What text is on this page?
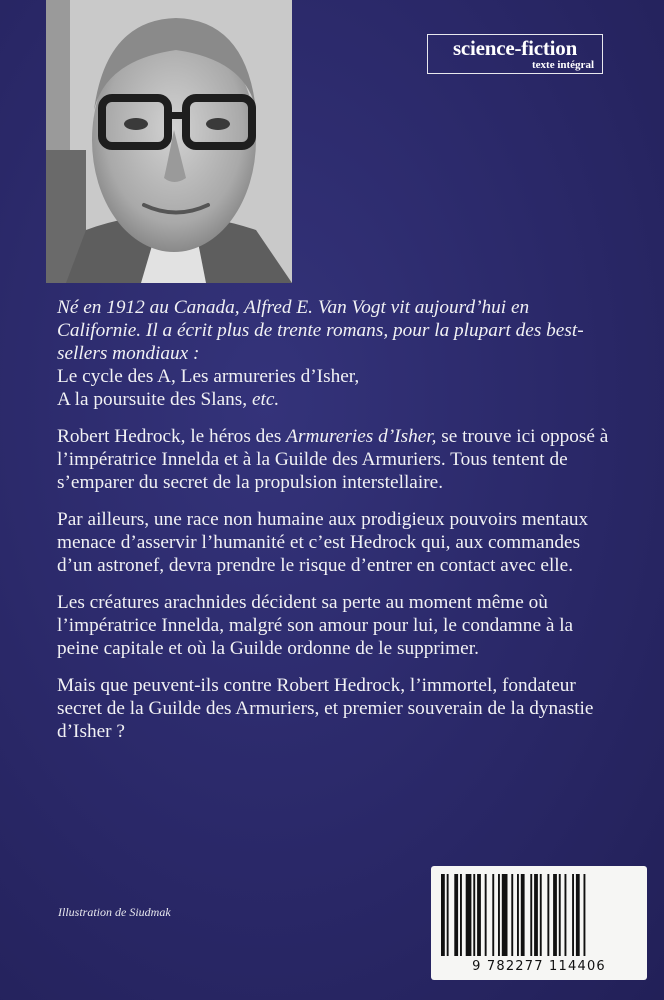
science-fiction
texte intégral

Né en 1912 au Canada, Alfred E. Van Vogt vit aujourd’hui en Californie. Il a écrit plus de trente romans, pour la plupart des best-sellers mondiaux :
Le cycle des A, Les armureries d’Isher,
A la poursuite des Slans, etc.

Robert Hedrock, le héros des Armureries d’Isher, se trouve ici opposé à l’impératrice Innelda et à la Guilde des Armuriers. Tous tentent de s’emparer du secret de la propulsion interstellaire.

Par ailleurs, une race non humaine aux prodigieux pouvoirs mentaux menace d’asservir l’humanité et c’est Hedrock qui, aux commandes d’un astronef, devra prendre le risque d’entrer en contact avec elle.

Les créatures arachnides décident sa perte au moment même où l’impératrice Innelda, malgré son amour pour lui, le condamne à la peine capitale et où la Guilde ordonne de le supprimer.

Mais que peuvent-ils contre Robert Hedrock, l’immortel, fondateur secret de la Guilde des Armuriers, et premier souverain de la dynastie d’Isher ?

Illustration de Siudmak
9 782277 114406
